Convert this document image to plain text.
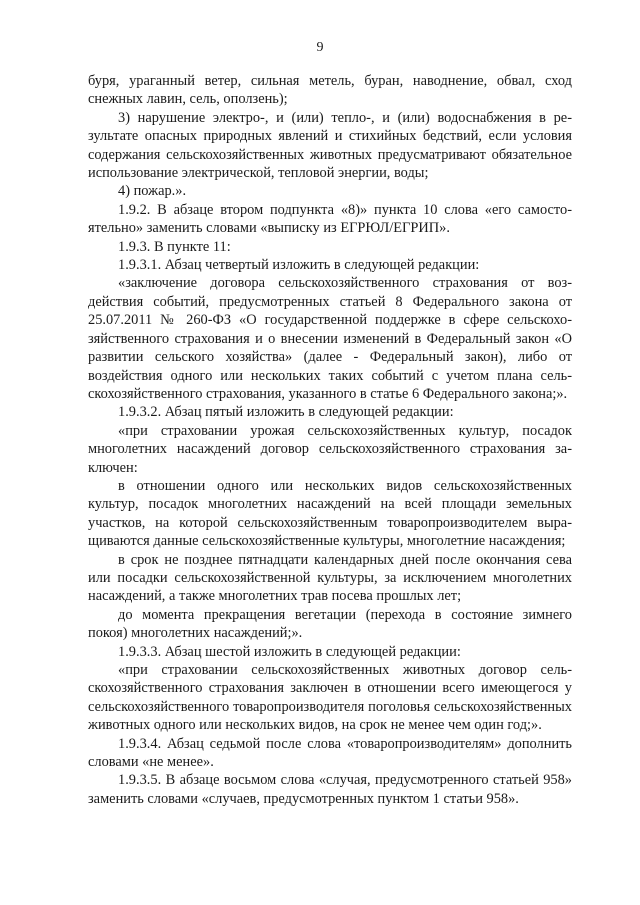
9

буря, ураганный ветер, сильная метель, буран, наводнение, обвал, сход снежных лавин, сель, оползень);

3) нарушение электро-, и (или) тепло-, и (или) водоснабжения в результате опасных природных явлений и стихийных бедствий, если условия содержания сельскохозяйственных животных предусматривают обязательное использование электрической, тепловой энергии, воды;

4) пожар.».

1.9.2. В абзаце втором подпункта «8)» пункта 10 слова «его самостоятельно» заменить словами «выписку из ЕГРЮЛ/ЕГРИП».

1.9.3. В пункте 11:

1.9.3.1. Абзац четвертый изложить в следующей редакции:

«заключение договора сельскохозяйственного страхования от воздействия событий, предусмотренных статьей 8 Федерального закона от 25.07.2011 № 260-ФЗ «О государственной поддержке в сфере сельскохозяйственного страхования и о внесении изменений в Федеральный закон «О развитии сельского хозяйства» (далее - Федеральный закон), либо от воздействия одного или нескольких таких событий с учетом плана сельскохозяйственного страхования, указанного в статье 6 Федерального закона;».

1.9.3.2. Абзац пятый изложить в следующей редакции:

«при страховании урожая сельскохозяйственных культур, посадок многолетних насаждений договор сельскохозяйственного страхования заключен:

в отношении одного или нескольких видов сельскохозяйственных культур, посадок многолетних насаждений на всей площади земельных участков, на которой сельскохозяйственным товаропроизводителем выращиваются данные сельскохозяйственные культуры, многолетние насаждения;

в срок не позднее пятнадцати календарных дней после окончания сева или посадки сельскохозяйственной культуры, за исключением многолетних насаждений, а также многолетних трав посева прошлых лет;

до момента прекращения вегетации (перехода в состояние зимнего покоя) многолетних насаждений;».

1.9.3.3. Абзац шестой изложить в следующей редакции:

«при страховании сельскохозяйственных животных договор сельскохозяйственного страхования заключен в отношении всего имеющегося у сельскохозяйственного товаропроизводителя поголовья сельскохозяйственных животных одного или нескольких видов, на срок не менее чем один год;».

1.9.3.4. Абзац седьмой после слова «товаропроизводителям» дополнить словами «не менее».

1.9.3.5. В абзаце восьмом слова «случая, предусмотренного статьей 958» заменить словами «случаев, предусмотренных пунктом 1 статьи 958».
